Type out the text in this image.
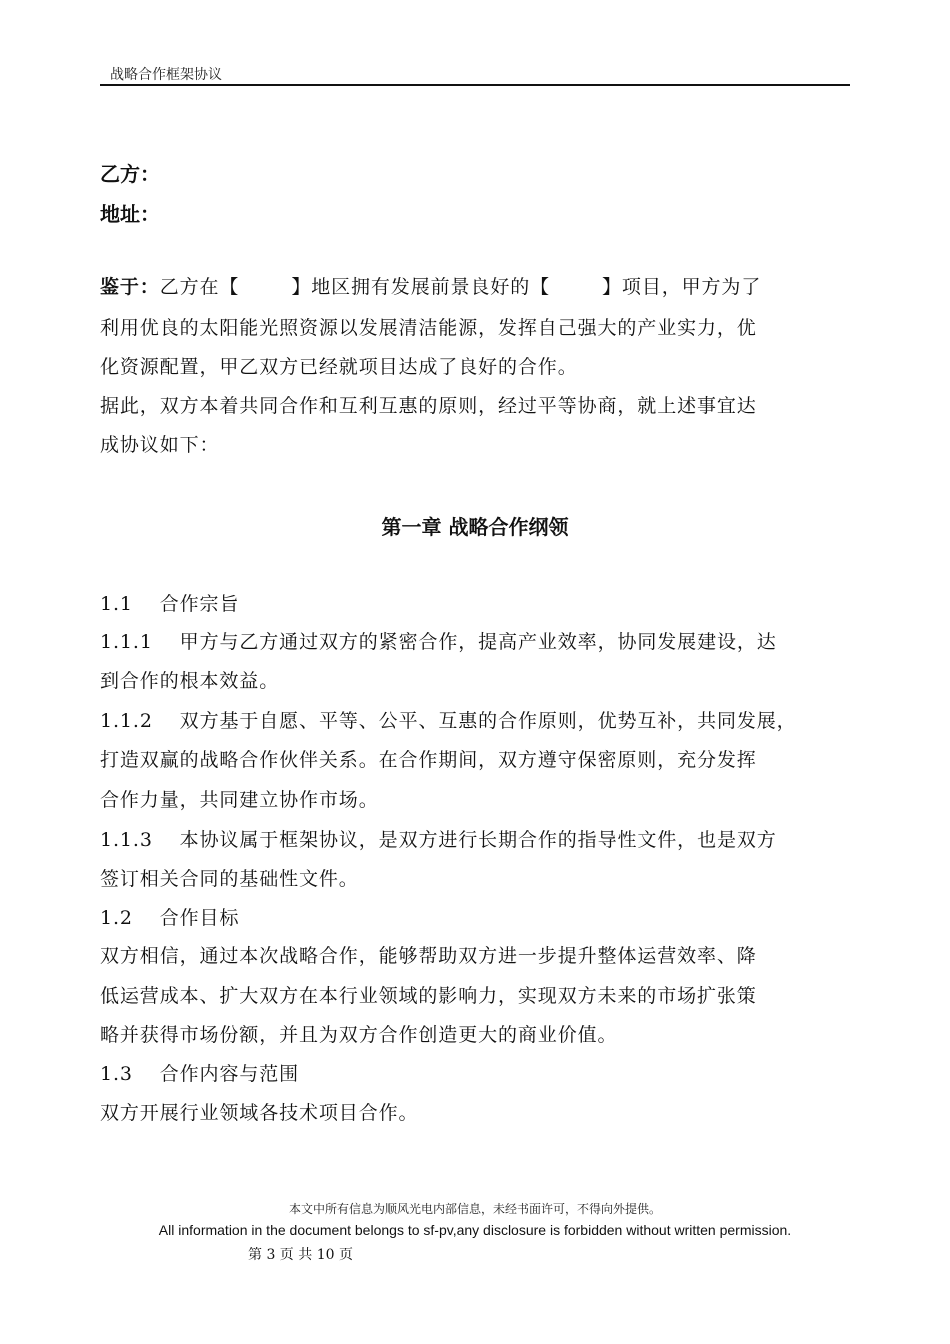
战略合作框架协议
乙方：
地址：
鉴于：乙方在【	】地区拥有发展前景良好的【	】项目，甲方为了
利用优良的太阳能光照资源以发展清洁能源，发挥自己强大的产业实力，优
化资源配置，甲乙双方已经就项目达成了良好的合作。
据此，双方本着共同合作和互利互惠的原则，经过平等协商，就上述事宜达
成协议如下：
第一章 战略合作纲领
1.1　 合作宗旨
1.1.1　 甲方与乙方通过双方的紧密合作，提高产业效率，协同发展建设，达
到合作的根本效益。
1.1.2　 双方基于自愿、平等、公平、互惠的合作原则，优势互补，共同发展，
打造双赢的战略合作伙伴关系。在合作期间，双方遵守保密原则，充分发挥
合作力量，共同建立协作市场。
1.1.3　 本协议属于框架协议，是双方进行长期合作的指导性文件，也是双方
签订相关合同的基础性文件。
1.2　 合作目标
双方相信，通过本次战略合作，能够帮助双方进一步提升整体运营效率、降
低运营成本、扩大双方在本行业领域的影响力，实现双方未来的市场扩张策
略并获得市场份额，并且为双方合作创造更大的商业价值。
1.3　 合作内容与范围
双方开展行业领域各技术项目合作。
本文中所有信息为顺风光电内部信息，未经书面许可，不得向外提供。
All information in the document belongs to sf-pv,any disclosure is forbidden without written permission.
第 3 页 共 10 页
